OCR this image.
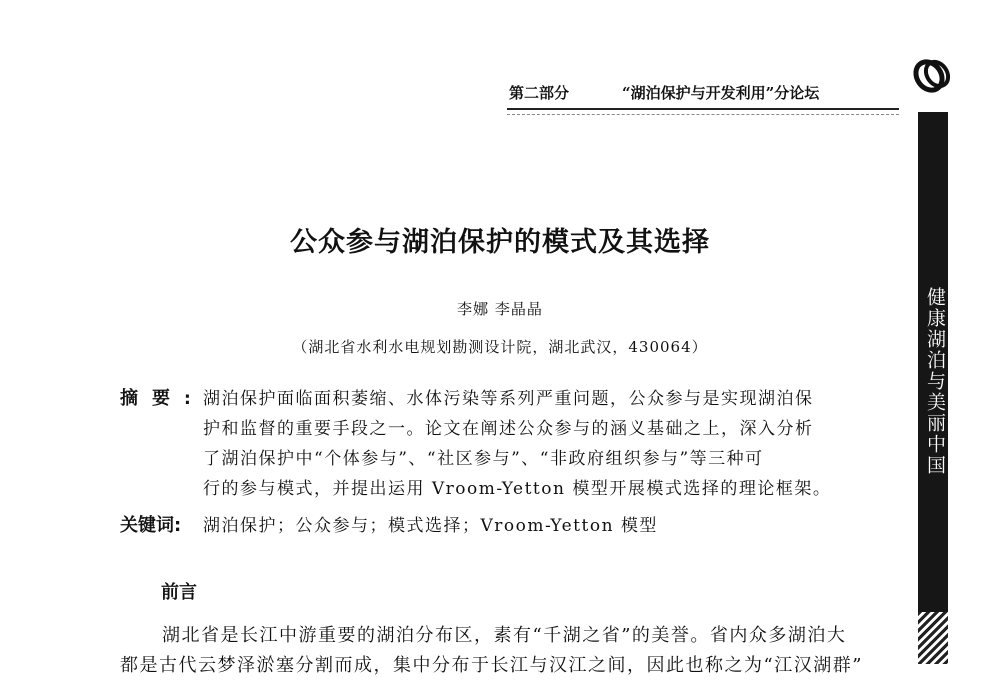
第二部分	“湖泊保护与开发利用”分论坛
健康湖泊与美丽中国
公众参与湖泊保护的模式及其选择
李娜 李晶晶
（湖北省水利水电规划勘测设计院，湖北武汉，430064）
摘要: 湖泊保护面临面积萎缩、水体污染等系列严重问题，公众参与是实现湖泊保
护和监督的重要手段之一。论文在阐述公众参与的涵义基础之上，深入分析
了湖泊保护中“个体参与”、“社区参与”、“非政府组织参与”等三种可
行的参与模式，并提出运用 Vroom-Yetton 模型开展模式选择的理论框架。
关键词: 湖泊保护；公众参与；模式选择；Vroom-Yetton 模型
前言
湖北省是长江中游重要的湖泊分布区，素有“千湖之省”的美誉。省内众多湖泊大
都是古代云梦泽淤塞分割而成，集中分布于长江与汉江之间，因此也称之为“江汉湖群”
